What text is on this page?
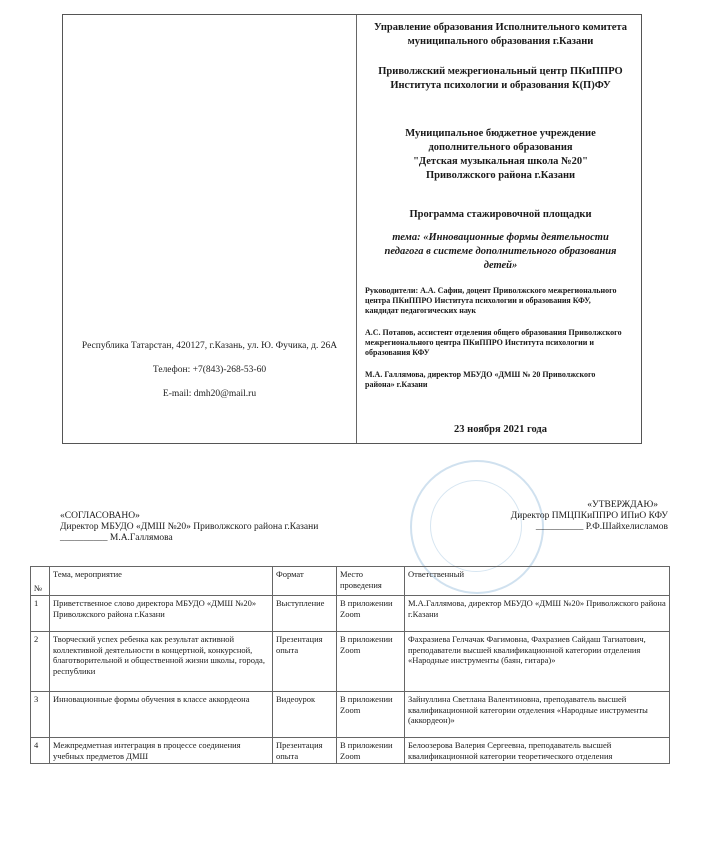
Республика Татарстан, 420127, г.Казань, ул. Ю. Фучика, д. 26А
Телефон: +7(843)-268-53-60
E-mail: dmh20@mail.ru
Управление образования Исполнительного комитета
муниципального образования г.Казани
Приволжский межрегиональный центр ПКиППРО
Института психологии и образования К(П)ФУ
Муниципальное бюджетное учреждение
дополнительного образования
"Детская музыкальная школа №20"
Приволжского района г.Казани
Программа стажировочной площадки
тема: «Инновационные формы деятельности
педагога в системе дополнительного образования
детей»
Руководители: А.А. Сафин, доцент Приволжского межрегионального
центра ПКиППРО Института психологии и образования КФУ,
кандидат педагогических наук
А.С. Потапов, ассистент отделения общего образования Приволжского
межрегионального центра ПКиППРО Института психологии и
образования КФУ
М.А. Галлямова, директор МБУДО «ДМШ № 20 Приволжского
района» г.Казани
23 ноября 2021 года
«СОГЛАСОВАНО»
Директор МБУДО «ДМШ №20» Приволжского района г.Казани
__________ М.А.Галлямова
«УТВЕРЖДАЮ»
Директор ПМЦПКиППРО ИПиО КФУ
__________ Р.Ф.Шайхелисламов
№	Тема, мероприятие	Формат	Место проведения	Ответственный
1	Приветственное слово директора МБУДО «ДМШ №20» Приволжского района г.Казани	Выступление	В приложении Zoom	М.А.Галлямова, директор МБУДО «ДМШ №20» Приволжского района г.Казани
2	Творческий успех ребенка как результат активной коллективной деятельности в концертной, конкурсной, благотворительной и общественной жизни школы, города, республики	Презентация опыта	В приложении Zoom	Фахразиева Гелчачак Фагимовна, Фахразиев Сайдаш Тагиатович, преподаватели высшей квалификационной категории отделения «Народные инструменты (баян, гитара)»
3	Инновационные формы обучения в классе аккордеона	Видеоурок	В приложении Zoom	Зайнуллина Светлана Валентиновна, преподаватель высшей квалификационной категории отделения «Народные инструменты (аккордеон)»
4	Межпредметная интеграция в процессе соединения учебных предметов ДМШ	Презентация опыта	В приложении Zoom	Белоозерова Валерия Сергеевна, преподаватель высшей квалификационной категории теоретического отделения
